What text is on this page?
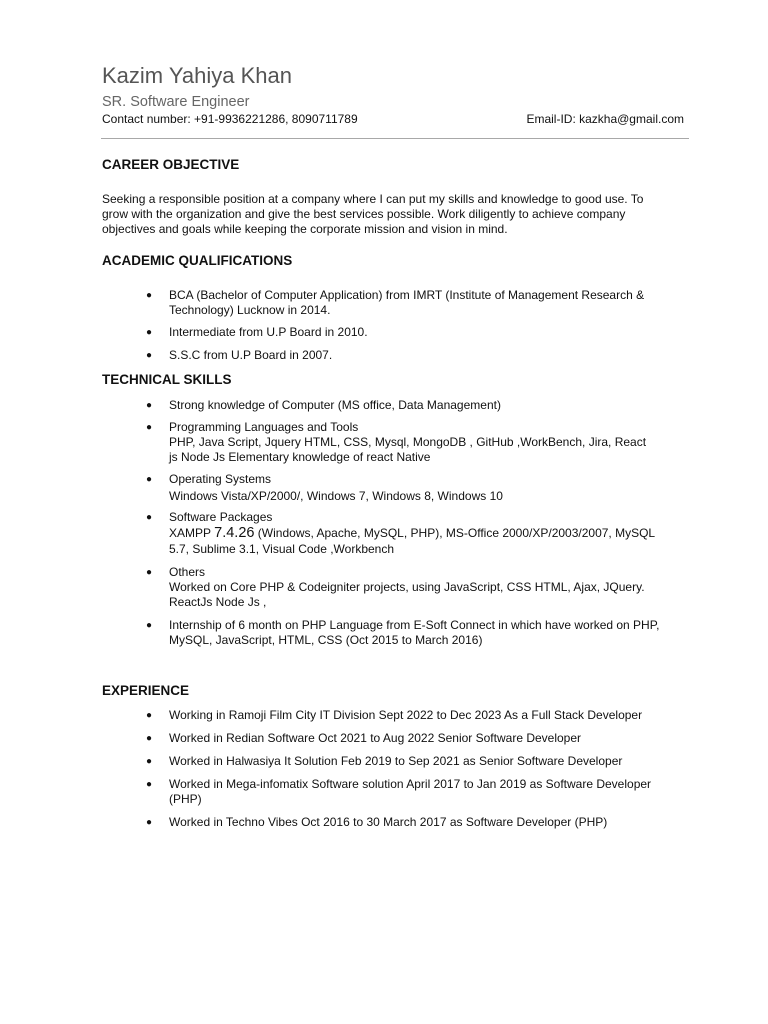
Kazim Yahiya Khan
SR. Software Engineer
Contact number: +91-9936221286, 8090711789	Email-ID: kazkha@gmail.com
CAREER OBJECTIVE
Seeking a responsible position at a company where I can put my skills and knowledge to good use. To
grow with the organization and give the best services possible. Work diligently to achieve company
objectives and goals while keeping the corporate mission and vision in mind.
ACADEMIC QUALIFICATIONS
● BCA (Bachelor of Computer Application) from IMRT (Institute of Management Research &
Technology) Lucknow in 2014.
● Intermediate from U.P Board in 2010.
● S.S.C from U.P Board in 2007.
TECHNICAL SKILLS
● Strong knowledge of Computer (MS office, Data Management)
● Programming Languages and Tools
PHP, Java Script, Jquery HTML, CSS, Mysql, MongoDB , GitHub ,WorkBench, Jira, React
js Node Js Elementary knowledge of react Native
● Operating Systems
Windows Vista/XP/2000/, Windows 7, Windows 8, Windows 10
● Software Packages
XAMPP 7.4.26 (Windows, Apache, MySQL, PHP), MS-Office 2000/XP/2003/2007, MySQL
5.7, Sublime 3.1, Visual Code ,Workbench
● Others
Worked on Core PHP & Codeigniter projects, using JavaScript, CSS HTML, Ajax, JQuery.
ReactJs Node Js ,
● Internship of 6 month on PHP Language from E-Soft Connect in which have worked on PHP,
MySQL, JavaScript, HTML, CSS (Oct 2015 to March 2016)
EXPERIENCE
● Working in Ramoji Film City IT Division Sept 2022 to Dec 2023 As a Full Stack Developer
● Worked in Redian Software Oct 2021 to Aug 2022 Senior Software Developer
● Worked in Halwasiya It Solution Feb 2019 to Sep 2021 as Senior Software Developer
● Worked in Mega-infomatix Software solution April 2017 to Jan 2019 as Software Developer
(PHP)
● Worked in Techno Vibes Oct 2016 to 30 March 2017 as Software Developer (PHP)
